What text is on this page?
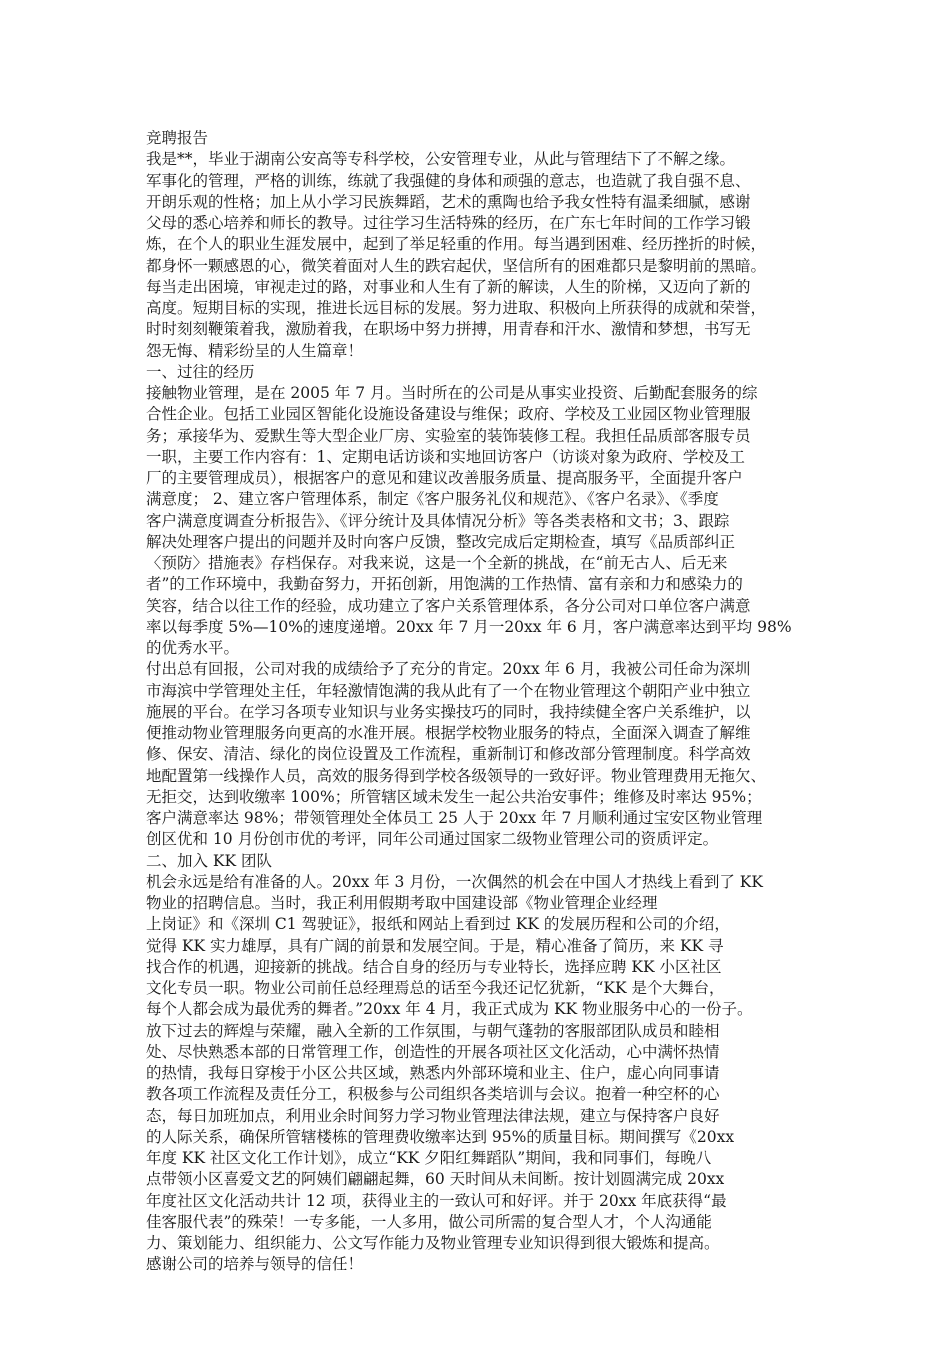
竞聘报告
我是**，毕业于湖南公安高等专科学校，公安管理专业，从此与管理结下了不解之缘。
军事化的管理，严格的训练，练就了我强健的身体和顽强的意志，也造就了我自强不息、
开朗乐观的性格；加上从小学习民族舞蹈，艺术的熏陶也给予我女性特有温柔细腻，感谢
父母的悉心培养和师长的教导。过往学习生活特殊的经历，在广东七年时间的工作学习锻
炼，在个人的职业生涯发展中，起到了举足轻重的作用。每当遇到困难、经历挫折的时候，
都身怀一颗感恩的心，微笑着面对人生的跌宕起伏，坚信所有的困难都只是黎明前的黑暗。
每当走出困境，审视走过的路，对事业和人生有了新的解读，人生的阶梯，又迈向了新的
高度。短期目标的实现，推进长远目标的发展。努力进取、积极向上所获得的成就和荣誉，
时时刻刻鞭策着我，激励着我，在职场中努力拼搏，用青春和汗水、激情和梦想，书写无
怨无悔、精彩纷呈的人生篇章！
一、过往的经历
接触物业管理，是在 2005 年 7 月。当时所在的公司是从事实业投资、后勤配套服务的综
合性企业。包括工业园区智能化设施设备建设与维保；政府、学校及工业园区物业管理服
务；承接华为、爱默生等大型企业厂房、实验室的装饰装修工程。我担任品质部客服专员
一职，主要工作内容有：1、定期电话访谈和实地回访客户（访谈对象为政府、学校及工
厂的主要管理成员），根据客户的意见和建议改善服务质量、提高服务平，全面提升客户
满意度； 2、建立客户管理体系，制定《客户服务礼仪和规范》、《客户名录》、《季度
客户满意度调查分析报告》、《评分统计及具体情况分析》等各类表格和文书；3、跟踪
解决处理客户提出的问题并及时向客户反馈，整改完成后定期检查，填写《品质部纠正
〈预防〉措施表》存档保存。对我来说，这是一个全新的挑战，在“前无古人、后无来
者”的工作环境中，我勤奋努力，开拓创新，用饱满的工作热情、富有亲和力和感染力的
笑容，结合以往工作的经验，成功建立了客户关系管理体系，各分公司对口单位客户满意
率以每季度 5%—10%的速度递增。20xx 年 7 月一20xx 年 6 月，客户满意率达到平均 98%
的优秀水平。
付出总有回报，公司对我的成绩给予了充分的肯定。20xx 年 6 月，我被公司任命为深圳
市海滨中学管理处主任，年轻激情饱满的我从此有了一个在物业管理这个朝阳产业中独立
施展的平台。在学习各项专业知识与业务实操技巧的同时，我持续健全客户关系维护，以
便推动物业管理服务向更高的水准开展。根据学校物业服务的特点，全面深入调查了解维
修、保安、清洁、绿化的岗位设置及工作流程，重新制订和修改部分管理制度。科学高效
地配置第一线操作人员，高效的服务得到学校各级领导的一致好评。物业管理费用无拖欠、
无拒交，达到收缴率 100%；所管辖区域未发生一起公共治安事件；维修及时率达 95%；
客户满意率达 98%；带领管理处全体员工 25 人于 20xx 年 7 月顺利通过宝安区物业管理
创区优和 10 月份创市优的考评，同年公司通过国家二级物业管理公司的资质评定。
二、加入 KK 团队
机会永远是给有准备的人。20xx 年 3 月份，一次偶然的机会在中国人才热线上看到了 KK
物业的招聘信息。当时，我正利用假期考取中国建设部《物业管理企业经理
上岗证》和《深圳 C1 驾驶证》，报纸和网站上看到过 KK 的发展历程和公司的介绍，
觉得 KK 实力雄厚，具有广阔的前景和发展空间。于是，精心准备了简历，来 KK 寻
找合作的机遇，迎接新的挑战。结合自身的经历与专业特长，选择应聘 KK 小区社区
文化专员一职。物业公司前任总经理焉总的话至今我还记忆犹新，“KK 是个大舞台，
每个人都会成为最优秀的舞者。”20xx 年 4 月，我正式成为 KK 物业服务中心的一份子。
放下过去的辉煌与荣耀，融入全新的工作氛围，与朝气蓬勃的客服部团队成员和睦相
处、尽快熟悉本部的日常管理工作，创造性的开展各项社区文化活动，心中满怀热情
的热情，我每日穿梭于小区公共区域，熟悉内外部环境和业主、住户，虚心向同事请
教各项工作流程及责任分工，积极参与公司组织各类培训与会议。抱着一种空杯的心
态，每日加班加点，利用业余时间努力学习物业管理法律法规，建立与保持客户良好
的人际关系，确保所管辖楼栋的管理费收缴率达到 95%的质量目标。期间撰写《20xx
年度 KK 社区文化工作计划》，成立“KK 夕阳红舞蹈队”期间，我和同事们，每晚八
点带领小区喜爱文艺的阿姨们翩翩起舞，60 天时间从未间断。按计划圆满完成 20xx
年度社区文化活动共计 12 项，获得业主的一致认可和好评。并于 20xx 年底获得“最
佳客服代表”的殊荣！一专多能，一人多用，做公司所需的复合型人才，个人沟通能
力、策划能力、组织能力、公文写作能力及物业管理专业知识得到很大锻炼和提高。
感谢公司的培养与领导的信任！
